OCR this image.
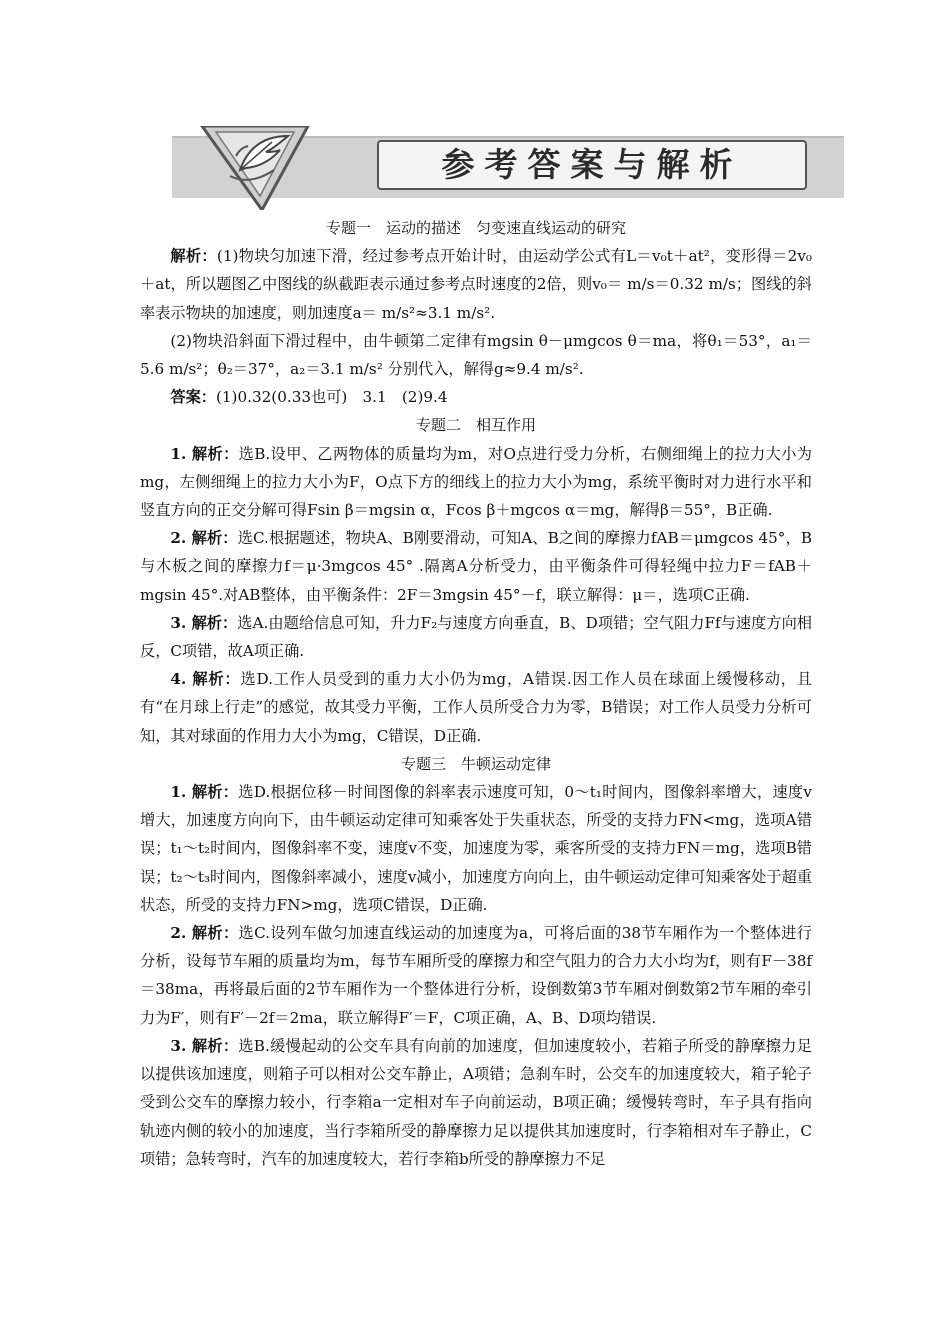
参考答案与解析

专题一　运动的描述　匀变速直线运动的研究

解析：(1)物块匀加速下滑，经过参考点开始计时，由运动学公式有L＝v₀t＋at²，变形得＝2v₀＋at，所以题图乙中图线的纵截距表示通过参考点时速度的2倍，则v₀＝ m/s＝0.32 m/s；图线的斜率表示物块的加速度，则加速度a＝ m/s²≈3.1 m/s².

(2)物块沿斜面下滑过程中，由牛顿第二定律有mgsin θ－μmgcos θ＝ma，将θ₁＝53°，a₁＝5.6 m/s²；θ₂＝37°，a₂＝3.1 m/s² 分别代入，解得g≈9.4 m/s².

答案：(1)0.32(0.33也可)　3.1　(2)9.4

专题二　相互作用

1. 解析：选B.设甲、乙两物体的质量均为m，对O点进行受力分析，右侧细绳上的拉力大小为mg，左侧细绳上的拉力大小为F，O点下方的细线上的拉力大小为mg，系统平衡时对力进行水平和竖直方向的正交分解可得Fsin β＝mgsin α，Fcos β＋mgcos α＝mg，解得β＝55°，B正确.

2. 解析：选C.根据题述，物块A、B刚要滑动，可知A、B之间的摩擦力fAB＝μmgcos 45°，B与木板之间的摩擦力f＝μ·3mgcos 45° .隔离A分析受力，由平衡条件可得轻绳中拉力F＝fAB＋mgsin 45°.对AB整体，由平衡条件：2F＝3mgsin 45°－f，联立解得：μ＝，选项C正确.

3. 解析：选A.由题给信息可知，升力F₂与速度方向垂直，B、D项错；空气阻力Ff与速度方向相反，C项错，故A项正确.

4. 解析：选D.工作人员受到的重力大小仍为mg，A错误.因工作人员在球面上缓慢移动，且有“在月球上行走”的感觉，故其受力平衡，工作人员所受合力为零，B错误；对工作人员受力分析可知，其对球面的作用力大小为mg，C错误，D正确.

专题三　牛顿运动定律

1. 解析：选D.根据位移－时间图像的斜率表示速度可知，0～t₁时间内，图像斜率增大，速度v增大，加速度方向向下，由牛顿运动定律可知乘客处于失重状态，所受的支持力FN<mg，选项A错误；t₁～t₂时间内，图像斜率不变，速度v不变，加速度为零，乘客所受的支持力FN＝mg，选项B错误；t₂～t₃时间内，图像斜率减小，速度v减小，加速度方向向上，由牛顿运动定律可知乘客处于超重状态，所受的支持力FN>mg，选项C错误，D正确.

2. 解析：选C.设列车做匀加速直线运动的加速度为a，可将后面的38节车厢作为一个整体进行分析，设每节车厢的质量均为m，每节车厢所受的摩擦力和空气阻力的合力大小均为f，则有F－38f＝38ma，再将最后面的2节车厢作为一个整体进行分析，设倒数第3节车厢对倒数第2节车厢的牵引力为F′，则有F′－2f＝2ma，联立解得F′＝F，C项正确，A、B、D项均错误.

3. 解析：选B.缓慢起动的公交车具有向前的加速度，但加速度较小，若箱子所受的静摩擦力足以提供该加速度，则箱子可以相对公交车静止，A项错；急刹车时，公交车的加速度较大，箱子轮子受到公交车的摩擦力较小，行李箱a一定相对车子向前运动，B项正确；缓慢转弯时，车子具有指向轨迹内侧的较小的加速度，当行李箱所受的静摩擦力足以提供其加速度时，行李箱相对车子静止，C项错；急转弯时，汽车的加速度较大，若行李箱b所受的静摩擦力不足
